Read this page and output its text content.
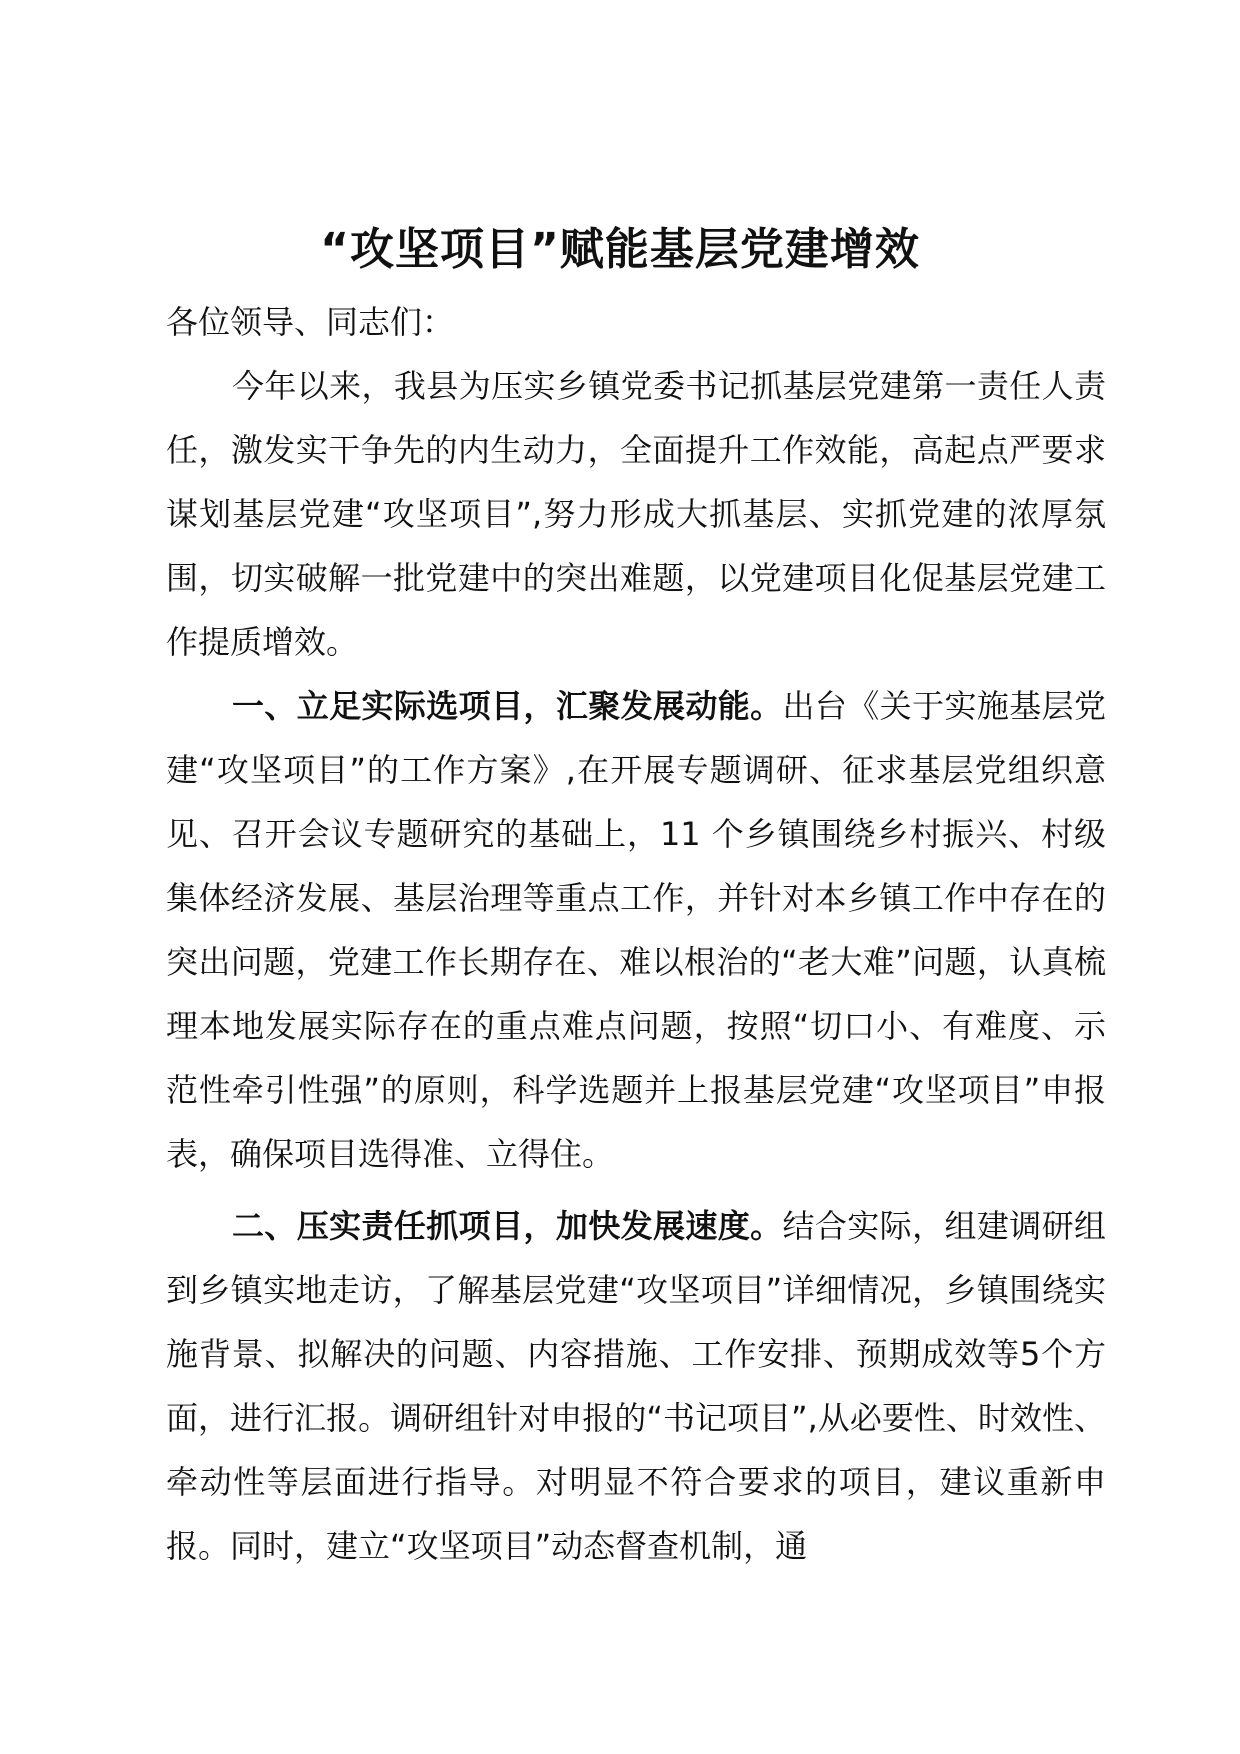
“攻坚项目”赋能基层党建增效

各位领导、同志们：

今年以来，我县为压实乡镇党委书记抓基层党建第一责任人责任，激发实干争先的内生动力，全面提升工作效能，高起点严要求谋划基层党建“攻坚项目”,努力形成大抓基层、实抓党建的浓厚氛围，切实破解一批党建中的突出难题，以党建项目化促基层党建工作提质增效。

一、立足实际选项目，汇聚发展动能。出台《关于实施基层党建“攻坚项目”的工作方案》,在开展专题调研、征求基层党组织意见、召开会议专题研究的基础上，11 个乡镇围绕乡村振兴、村级集体经济发展、基层治理等重点工作，并针对本乡镇工作中存在的突出问题，党建工作长期存在、难以根治的“老大难”问题，认真梳理本地发展实际存在的重点难点问题，按照“切口小、有难度、示范性牵引性强”的原则，科学选题并上报基层党建“攻坚项目”申报表，确保项目选得准、立得住。

二、压实责任抓项目，加快发展速度。结合实际，组建调研组到乡镇实地走访，了解基层党建“攻坚项目”详细情况，乡镇围绕实施背景、拟解决的问题、内容措施、工作安排、预期成效等5个方面，进行汇报。调研组针对申报的“书记项目”,从必要性、时效性、牵动性等层面进行指导。对明显不符合要求的项目，建议重新申报。同时，建立“攻坚项目”动态督查机制，通
